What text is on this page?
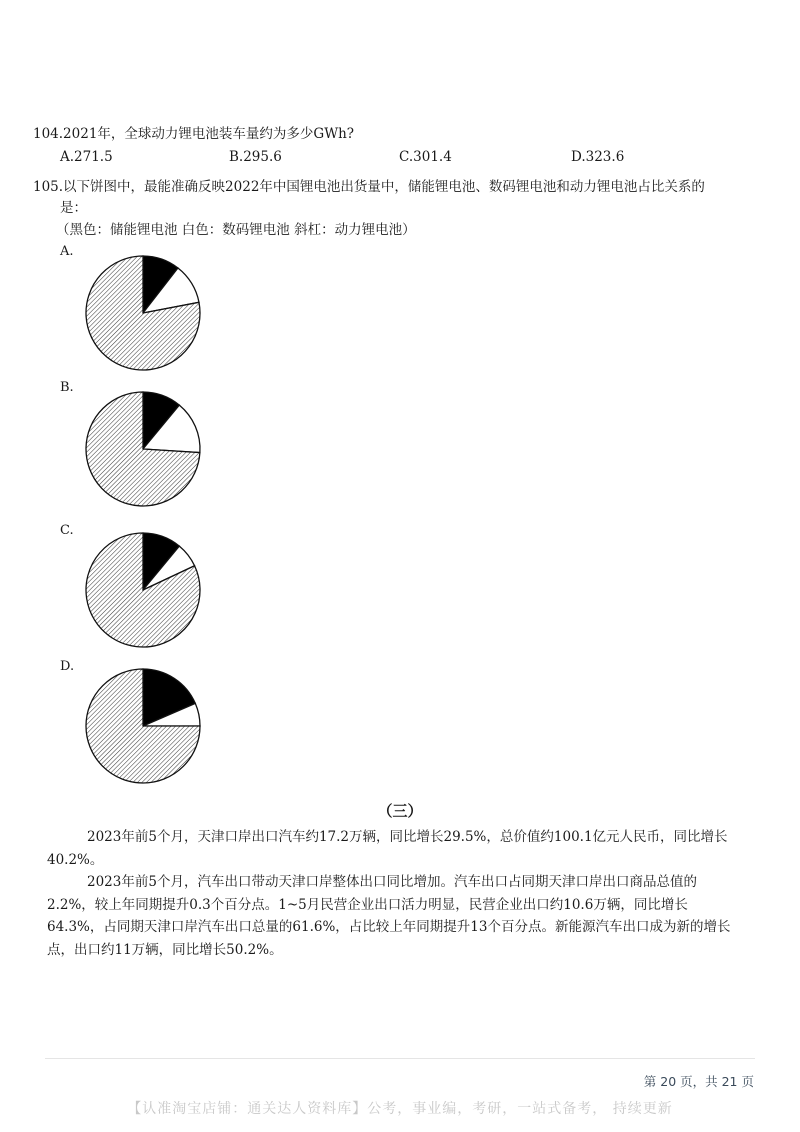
104.2021年，全球动力锂电池装车量约为多少GWh?
A.271.5	B.295.6	C.301.4	D.323.6
105.以下饼图中，最能准确反映2022年中国锂电池出货量中，储能锂电池、数码锂电池和动力锂电池占比关系的
是：
（黑色：储能锂电池 白色：数码锂电池 斜杠：动力锂电池）
A.
B.
C.
D.
（三）
2023年前5个月，天津口岸出口汽车约17.2万辆，同比增长29.5%，总价值约100.1亿元人民币，同比增长40.2%。
2023年前5个月，汽车出口带动天津口岸整体出口同比增加。汽车出口占同期天津口岸出口商品总值的2.2%，较上年同期提升0.3个百分点。1~5月民营企业出口活力明显，民营企业出口约10.6万辆，同比增长64.3%，占同期天津口岸汽车出口总量的61.6%，占比较上年同期提升13个百分点。新能源汽车出口成为新的增长点，出口约11万辆，同比增长50.2%。
第 20 页，共 21 页
【认准淘宝店铺：通关达人资料库】公考，事业编，考研，一站式备考， 持续更新
